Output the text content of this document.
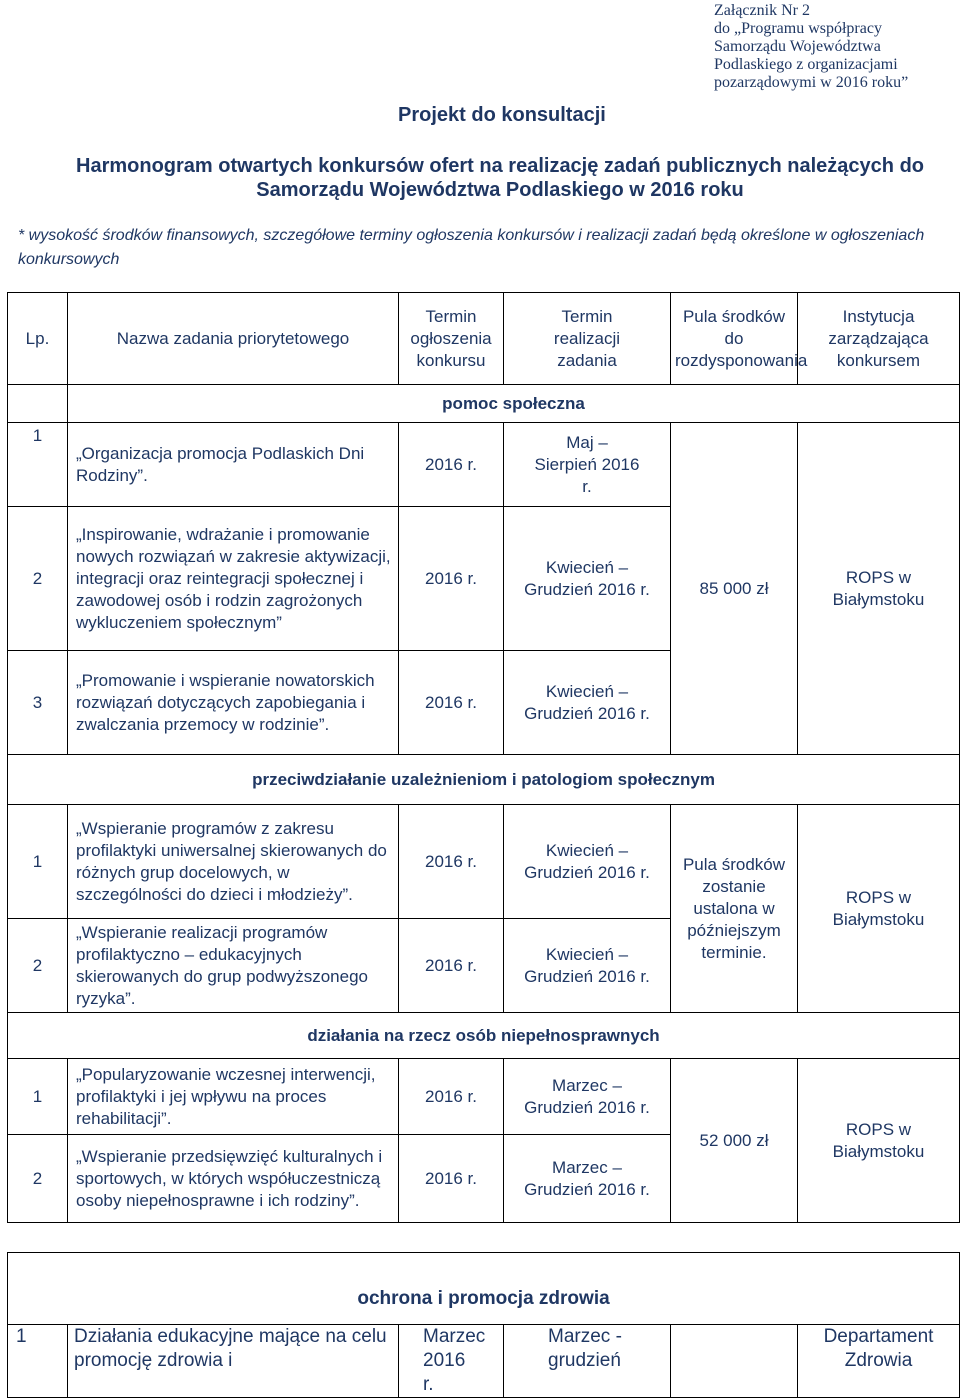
Załącznik Nr 2
do „Programu współpracy
Samorządu Województwa
Podlaskiego z organizacjami
pozarządowymi w 2016 roku”
Projekt do konsultacji
Harmonogram otwartych konkursów ofert na realizację zadań publicznych należących do
Samorządu Województwa Podlaskiego w 2016 roku
* wysokość środków finansowych, szczegółowe terminy ogłoszenia konkursów i realizacji zadań będą określone w ogłoszeniach konkursowych
Lp.	Nazwa zadania priorytetowego	Termin ogłoszenia konkursu	Termin realizacji zadania	Pula środków do rozdysponowania	Instytucja zarządzająca konkursem
	pomoc społeczna				
1	„Organizacja promocja Podlaskich Dni Rodziny”.	2016 r.	Maj – Sierpień 2016 r.	85 000 zł	ROPS w Białymstoku
2	„Inspirowanie, wdrażanie i promowanie nowych rozwiązań w zakresie aktywizacji, integracji oraz reintegracji społecznej i zawodowej osób i rodzin zagrożonych wykluczeniem społecznym”	2016 r.	Kwiecień – Grudzień 2016 r.		
3	„Promowanie i wspieranie nowatorskich rozwiązań dotyczących zapobiegania i zwalczania przemocy w rodzinie”.	2016 r.	Kwiecień – Grudzień 2016 r.		
przeciwdziałanie uzależnieniom i patologiom społecznym					
1	„Wspieranie programów z zakresu profilaktyki uniwersalnej skierowanych do różnych grup docelowych, w szczególności do dzieci i młodzieży”.	2016 r.	Kwiecień – Grudzień 2016 r.	Pula środków zostanie ustalona w późniejszym terminie.	ROPS w Białymstoku
2	„Wspieranie realizacji programów profilaktyczno – edukacyjnych skierowanych do grup podwyższonego ryzyka”.	2016 r.	Kwiecień – Grudzień 2016 r.		
działania na rzecz osób niepełnosprawnych					
1	„Popularyzowanie wczesnej interwencji, profilaktyki i jej wpływu na proces rehabilitacji”.	2016 r.	Marzec – Grudzień 2016 r.	52 000 zł	ROPS w Białymstoku
2	„Wspieranie przedsięwzięć kulturalnych i sportowych, w których współuczestniczą osoby niepełnosprawne i ich rodziny”.	2016 r.	Marzec – Grudzień 2016 r.		
ochrona i promocja zdrowia
1	Działania edukacyjne mające na celu promocję zdrowia i	Marzec 2016 r.	Marzec - grudzień		Departament Zdrowia
